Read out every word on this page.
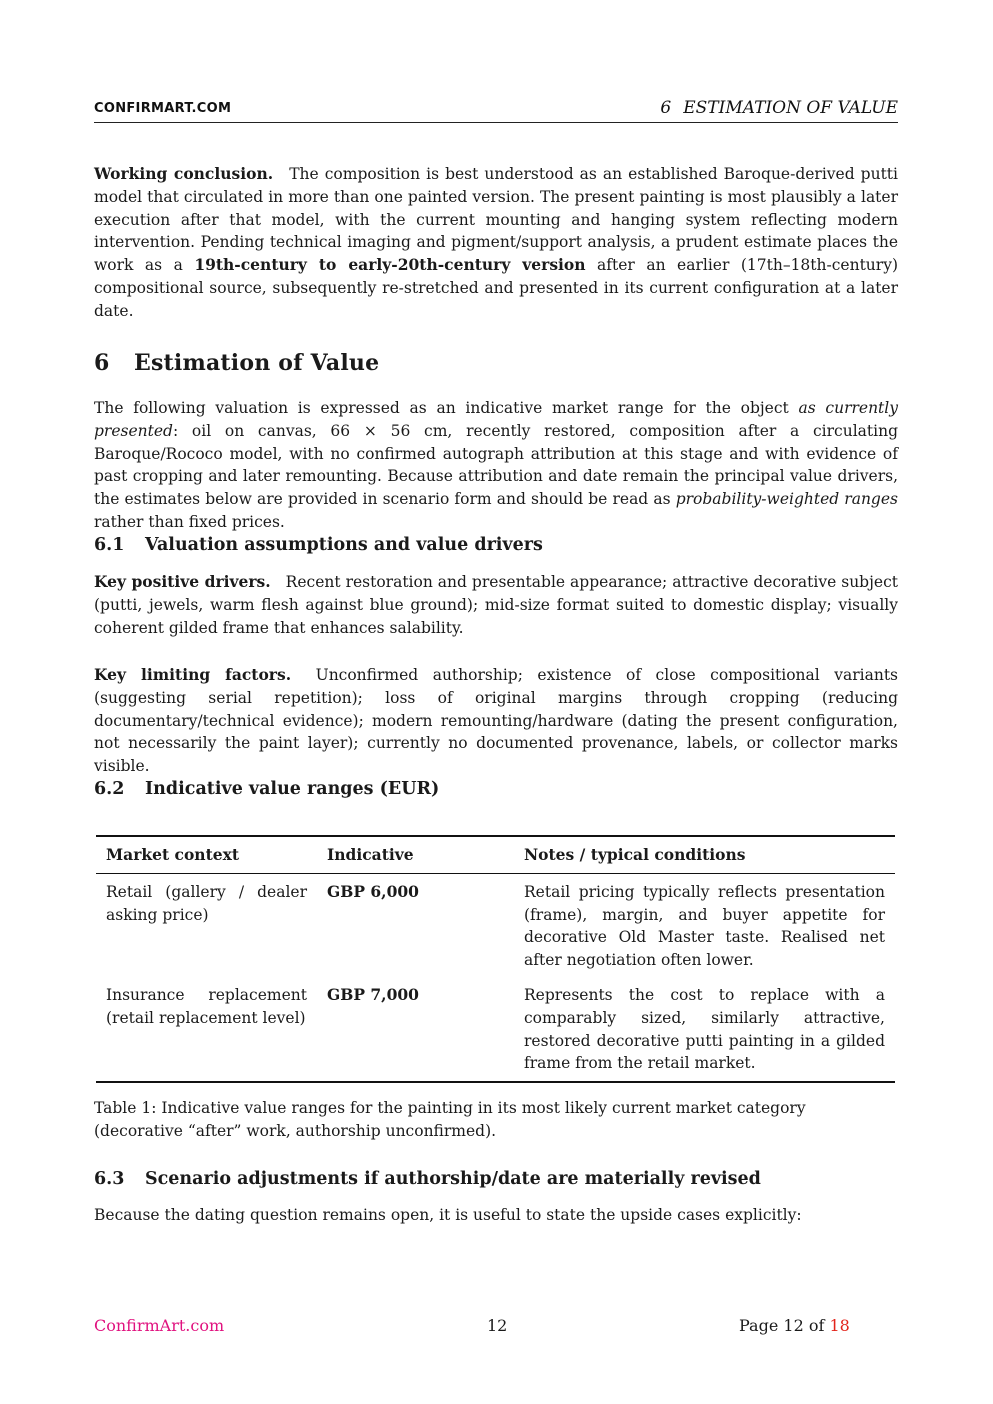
CONFIRMART.COM	6 ESTIMATION OF VALUE

Working conclusion. The composition is best understood as an established Baroque-derived putti model that circulated in more than one painted version. The present painting is most plausibly a later execution after that model, with the current mounting and hanging system reflecting modern intervention. Pending technical imaging and pigment/support analysis, a prudent estimate places the work as a 19th-century to early-20th-century version after an earlier (17th–18th-century) compositional source, subsequently re-stretched and presented in its current configuration at a later date.

6 Estimation of Value

The following valuation is expressed as an indicative market range for the object as currently presented: oil on canvas, 66 × 56 cm, recently restored, composition after a circulating Baroque/Rococo model, with no confirmed autograph attribution at this stage and with evidence of past cropping and later remounting. Because attribution and date remain the principal value drivers, the estimates below are provided in scenario form and should be read as probability-weighted ranges rather than fixed prices.

6.1 Valuation assumptions and value drivers

Key positive drivers. Recent restoration and presentable appearance; attractive decorative subject (putti, jewels, warm flesh against blue ground); mid-size format suited to domestic display; visually coherent gilded frame that enhances salability.

Key limiting factors. Unconfirmed authorship; existence of close compositional variants (suggesting serial repetition); loss of original margins through cropping (reducing documentary/technical evidence); modern remounting/hardware (dating the present configuration, not necessarily the paint layer); currently no documented provenance, labels, or collector marks visible.

6.2 Indicative value ranges (EUR)
Market context	Indicative	Notes / typical conditions
Retail (gallery / dealer asking price)	GBP 6,000	Retail pricing typically reflects presentation (frame), margin, and buyer appetite for decorative Old Master taste. Realised net after negotiation often lower.
Insurance replacement (retail replacement level)	GBP 7,000	Represents the cost to replace with a comparably sized, similarly attractive, restored decorative putti painting in a gilded frame from the retail market.

Table 1: Indicative value ranges for the painting in its most likely current market category (decorative “after” work, authorship unconfirmed).

6.3 Scenario adjustments if authorship/date are materially revised

Because the dating question remains open, it is useful to state the upside cases explicitly:

ConfirmArt.com	12	Page 12 of 18
